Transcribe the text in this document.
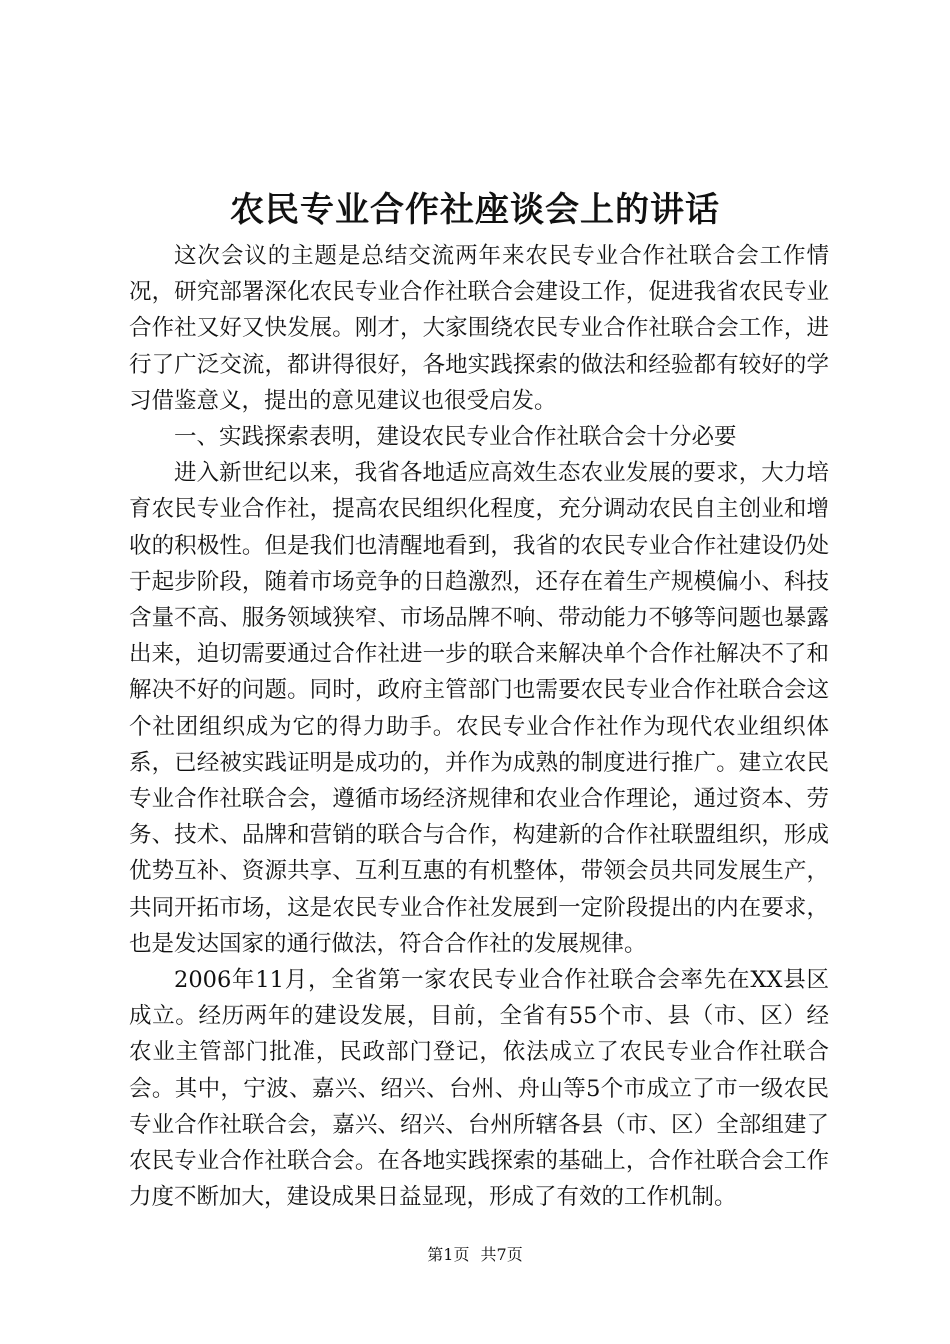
农民专业合作社座谈会上的讲话

这次会议的主题是总结交流两年来农民专业合作社联合会工作情况，研究部署深化农民专业合作社联合会建设工作，促进我省农民专业合作社又好又快发展。刚才，大家围绕农民专业合作社联合会工作，进行了广泛交流，都讲得很好，各地实践探索的做法和经验都有较好的学习借鉴意义，提出的意见建议也很受启发。

一、实践探索表明，建设农民专业合作社联合会十分必要

进入新世纪以来，我省各地适应高效生态农业发展的要求，大力培育农民专业合作社，提高农民组织化程度，充分调动农民自主创业和增收的积极性。但是我们也清醒地看到，我省的农民专业合作社建设仍处于起步阶段，随着市场竞争的日趋激烈，还存在着生产规模偏小、科技含量不高、服务领域狭窄、市场品牌不响、带动能力不够等问题也暴露出来，迫切需要通过合作社进一步的联合来解决单个合作社解决不了和解决不好的问题。同时，政府主管部门也需要农民专业合作社联合会这个社团组织成为它的得力助手。农民专业合作社作为现代农业组织体系，已经被实践证明是成功的，并作为成熟的制度进行推广。建立农民专业合作社联合会，遵循市场经济规律和农业合作理论，通过资本、劳务、技术、品牌和营销的联合与合作，构建新的合作社联盟组织，形成优势互补、资源共享、互利互惠的有机整体，带领会员共同发展生产，共同开拓市场，这是农民专业合作社发展到一定阶段提出的内在要求，也是发达国家的通行做法，符合合作社的发展规律。

2006年11月，全省第一家农民专业合作社联合会率先在XX县区成立。经历两年的建设发展，目前，全省有55个市、县（市、区）经农业主管部门批准，民政部门登记，依法成立了农民专业合作社联合会。其中，宁波、嘉兴、绍兴、台州、舟山等5个市成立了市一级农民专业合作社联合会，嘉兴、绍兴、台州所辖各县（市、区）全部组建了农民专业合作社联合会。在各地实践探索的基础上，合作社联合会工作力度不断加大，建设成果日益显现，形成了有效的工作机制。

第1页 共7页
